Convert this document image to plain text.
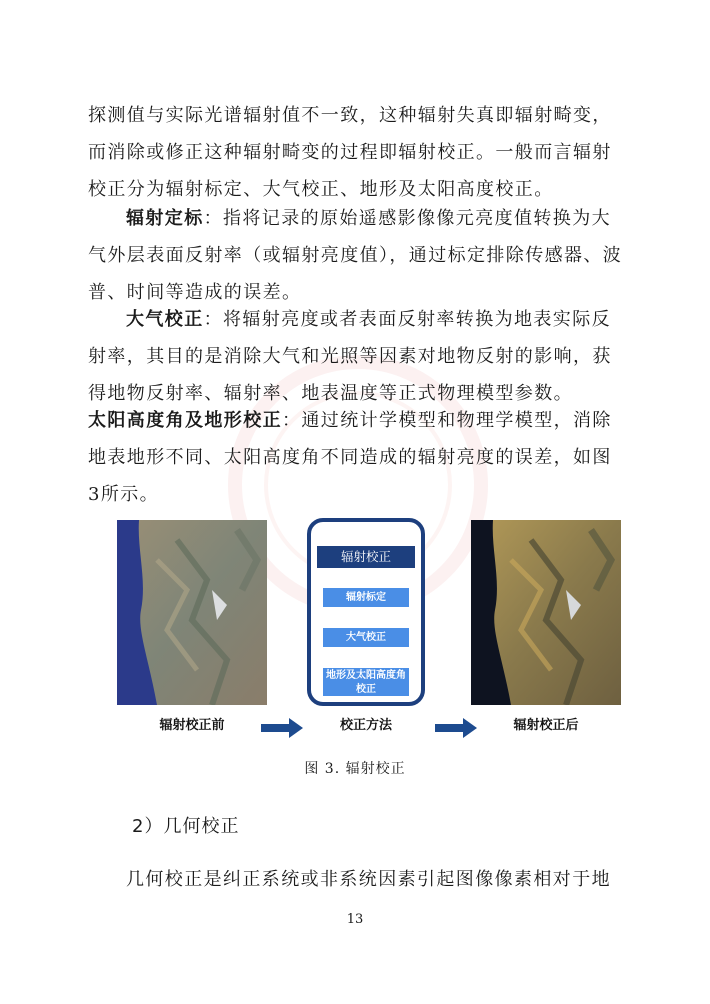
探测值与实际光谱辐射值不一致，这种辐射失真即辐射畸变，而消除或修正这种辐射畸变的过程即辐射校正。一般而言辐射校正分为辐射标定、大气校正、地形及太阳高度校正。

辐射定标：指将记录的原始遥感影像像元亮度值转换为大气外层表面反射率（或辐射亮度值），通过标定排除传感器、波普、时间等造成的误差。

大气校正：将辐射亮度或者表面反射率转换为地表实际反射率，其目的是消除大气和光照等因素对地物反射的影响，获得地物反射率、辐射率、地表温度等正式物理模型参数。

太阳高度角及地形校正：通过统计学模型和物理学模型，消除地表地形不同、太阳高度角不同造成的辐射亮度的误差，如图3所示。

辐射校正
辐射标定
大气校正
地形及太阳高度角校正
辐射校正前	校正方法	辐射校正后
图 3. 辐射校正
2）几何校正

几何校正是纠正系统或非系统因素引起图像像素相对于地

13
